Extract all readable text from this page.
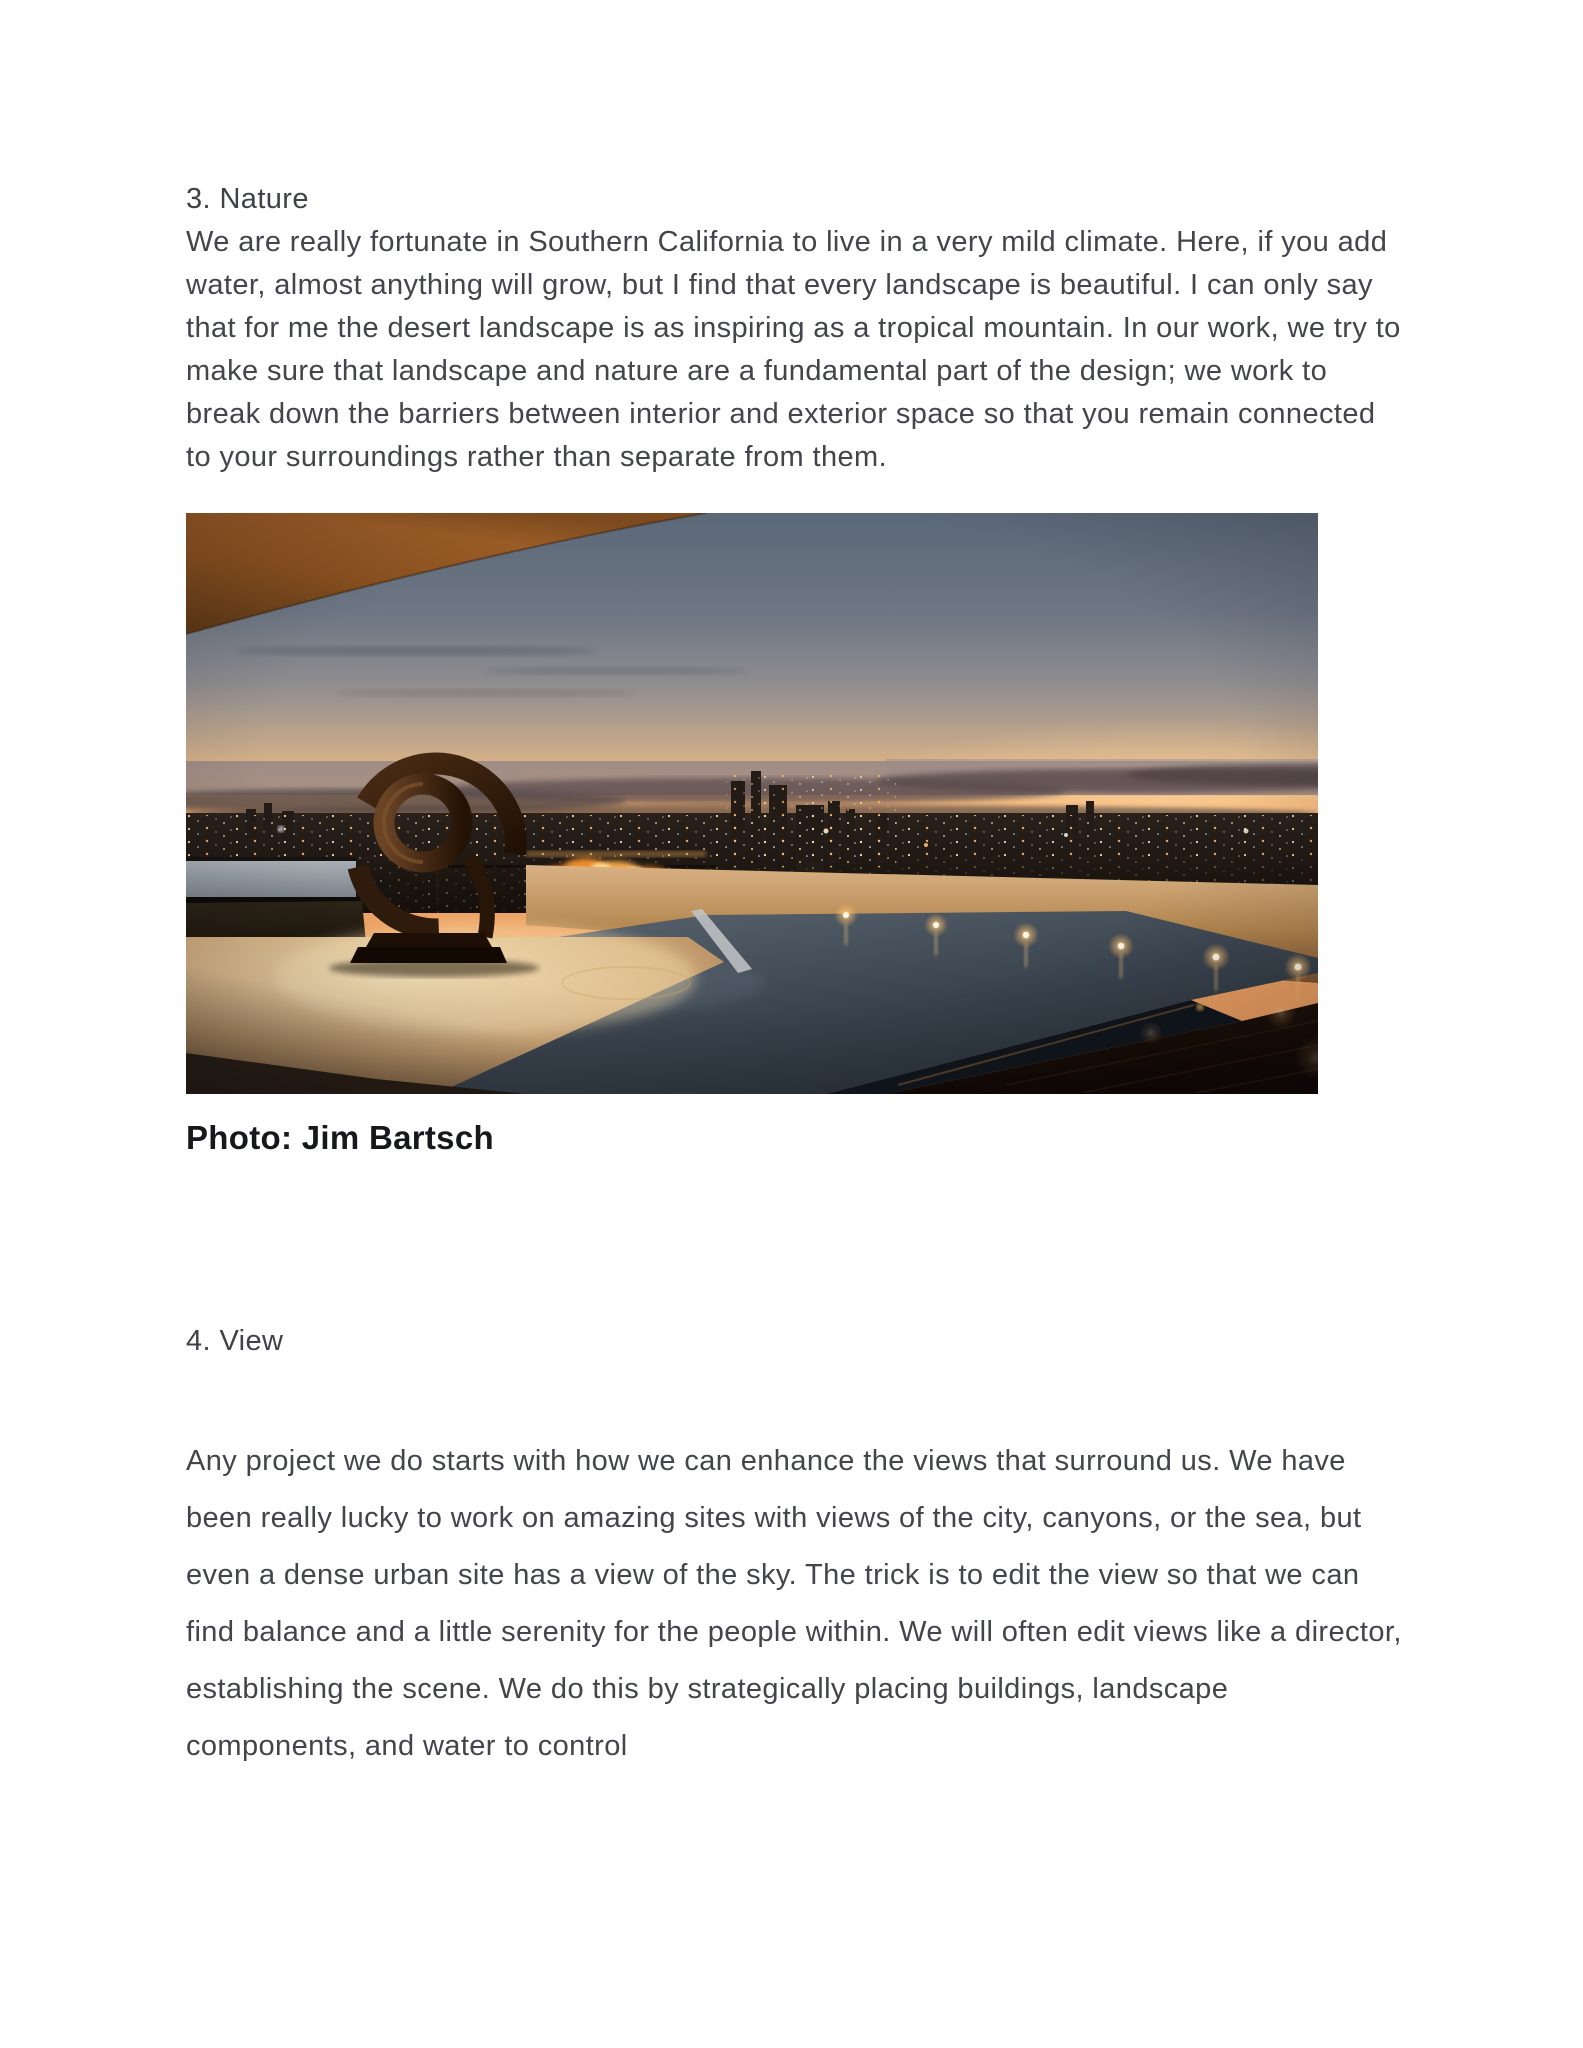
3. Nature

We are really fortunate in Southern California to live in a very mild climate. Here, if you add water, almost anything will grow, but I find that every landscape is beautiful. I can only say that for me the desert landscape is as inspiring as a tropical mountain. In our work, we try to make sure that landscape and nature are a fundamental part of the design; we work to break down the barriers between interior and exterior space so that you remain connected to your surroundings rather than separate from them.

Photo: Jim Bartsch
4. View

Any project we do starts with how we can enhance the views that surround us. We have been really lucky to work on amazing sites with views of the city, canyons, or the sea, but even a dense urban site has a view of the sky. The trick is to edit the view so that we can find balance and a little serenity for the people within. We will often edit views like a director, establishing the scene. We do this by strategically placing buildings, landscape components, and water to control
